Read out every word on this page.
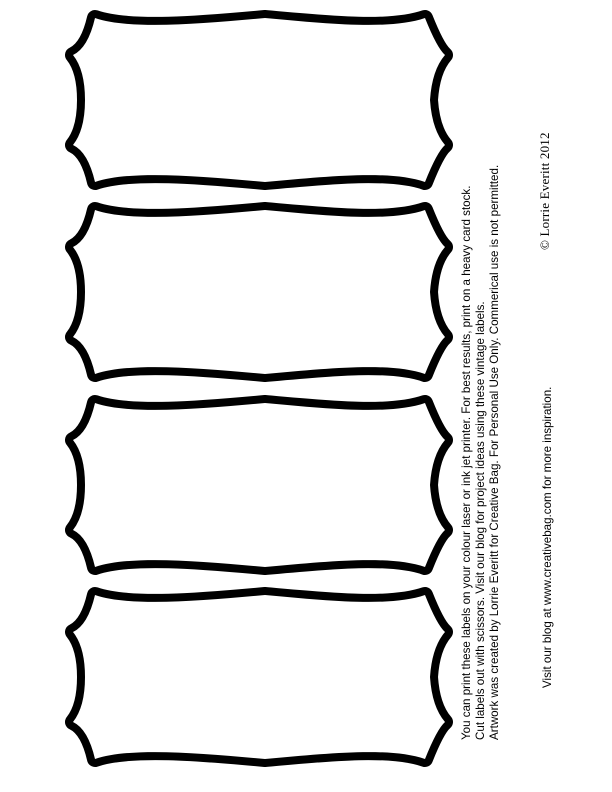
You can print these labels on your colour laser or ink jet printer. For best results, print on a heavy card stock. Cut labels out with scissors. Visit our blog for project ideas using these vintage labels. Artwork was created by Lorrie Everitt for Creative Bag. For Personal Use Only. Commerical use is not permitted.	Visit our blog at www.creativebag.com for more inspiration.
© Lorrie Everitt 2012
